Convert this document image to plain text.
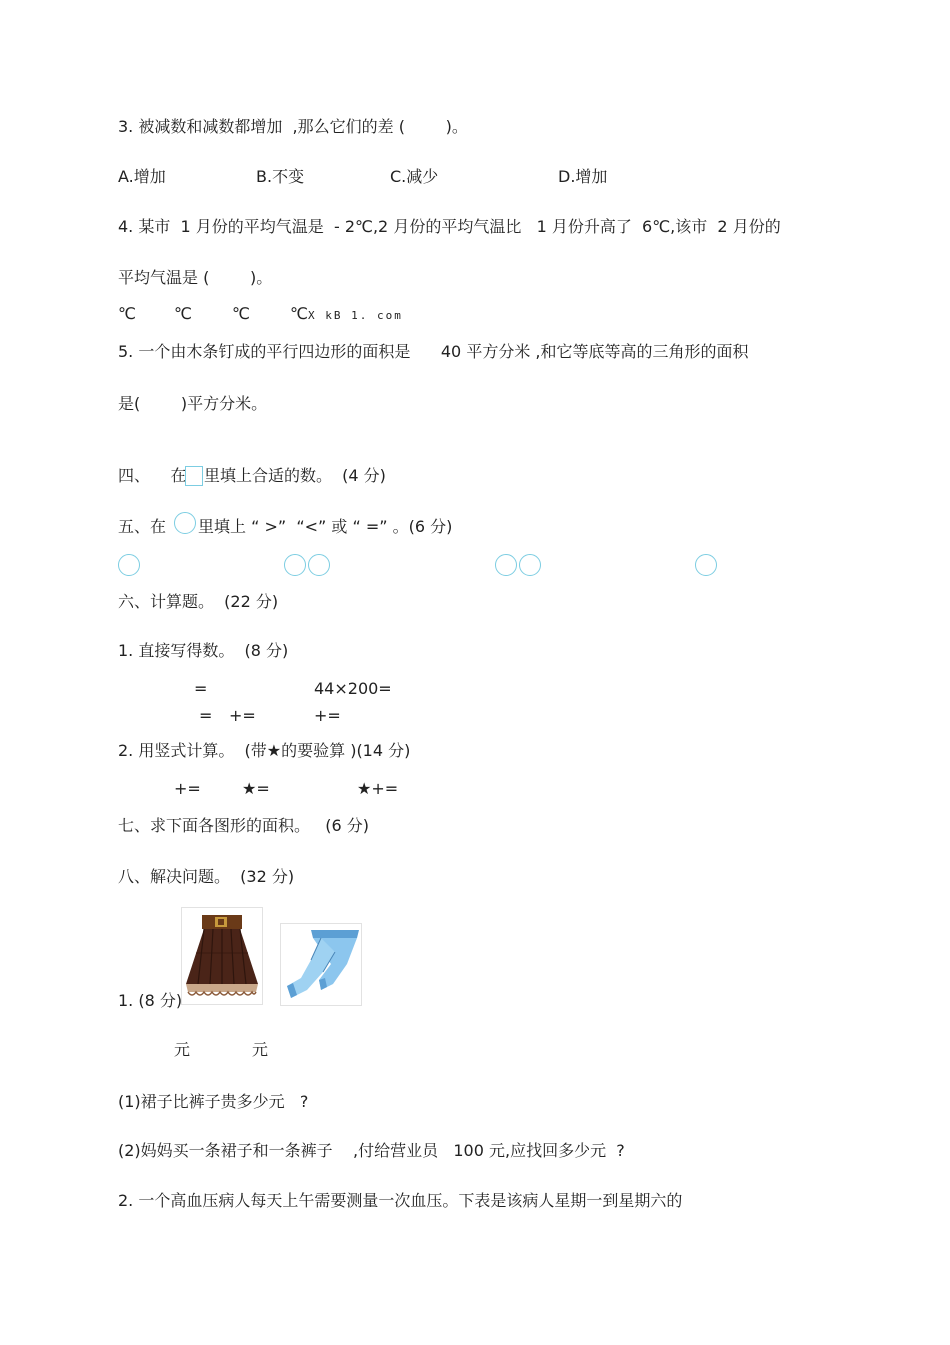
3. 被减数和减数都增加  ,那么它们的差 (        )。
A.增加	B.不变	C.减少	D.增加
4. 某市  1 月份的平均气温是  - 2℃,2 月份的平均气温比   1 月份升高了  6℃,该市  2 月份的
平均气温是 (        )。
℃ ℃	℃	℃ X kB 1. com
5. 一个由木条钉成的平行四边形的面积是      40 平方分米 ,和它等底等高的三角形的面积
是(        )平方分米。
四、    在 里填上合适的数。  (4 分)
五、在 里填上 “ >”  “<” 或 “ =” 。(6 分)
六、计算题。  (22 分)
1. 直接写得数。  (8 分)
=	44×200=
= +=	+=
2. 用竖式计算。  (带★的要验算 )(14 分)
+=	★=	★+=
七、求下面各图形的面积。   (6 分)
八、解决问题。  (32 分)
1. (8 分)
元	元
(1)裙子比裤子贵多少元   ?
(2)妈妈买一条裙子和一条裤子    ,付给营业员   100 元,应找回多少元  ?
2. 一个高血压病人每天上午需要测量一次血压。下表是该病人星期一到星期六的
